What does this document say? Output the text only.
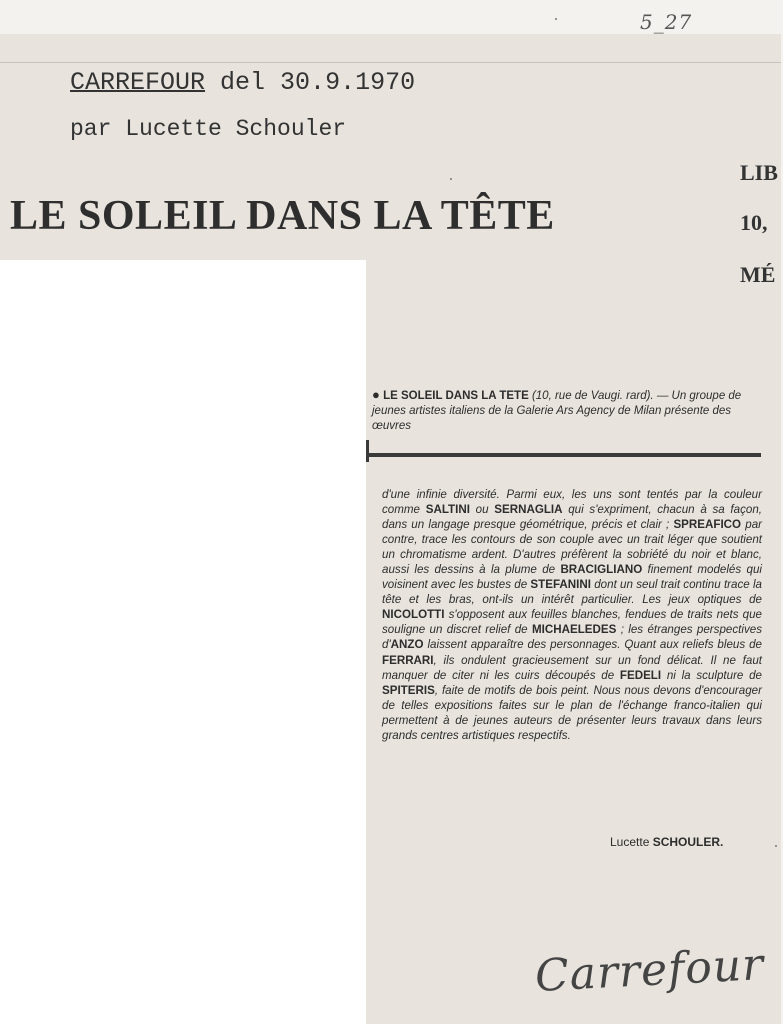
5_27
CARREFOUR del 30.9.1970
par Lucette Schouler
LE SOLEIL DANS LA TÊTE
LIB
10,
MÉ
● LE SOLEIL DANS LA TETE (10, rue de Vaugi. rard). — Un groupe de jeunes artistes italiens de la Galerie Ars Agency de Milan présente des œuvres
d'une infinie diversité. Parmi eux, les uns sont tentés par la couleur comme SALTINI ou SERNAGLIA qui s'expriment, chacun à sa façon, dans un langage presque géométrique, précis et clair ; SPREAFICO par contre, trace les contours de son couple avec un trait léger que soutient un chromatisme ardent. D'autres préfèrent la sobriété du noir et blanc, aussi les dessins à la plume de BRACIGLIANO finement modelés qui voisinent avec les bustes de STEFANINI dont un seul trait continu trace la tête et les bras, ont-ils un intérêt particulier. Les jeux optiques de NICOLOTTI s'opposent aux feuilles blanches, fendues de traits nets que souligne un discret relief de MICHAELEDES ; les étranges perspectives d'ANZO laissent apparaître des personnages. Quant aux reliefs bleus de FERRARI, ils ondulent gracieusement sur un fond délicat. Il ne faut manquer de citer ni les cuirs découpés de FEDELI ni la sculpture de SPITERIS, faite de motifs de bois peint. Nous nous devons d'encourager de telles expositions faites sur le plan de l'échange franco-italien qui permettent à de jeunes auteurs de présenter leurs travaux dans leurs grands centres artistiques respectifs.
Lucette SCHOULER.
Carrefour
